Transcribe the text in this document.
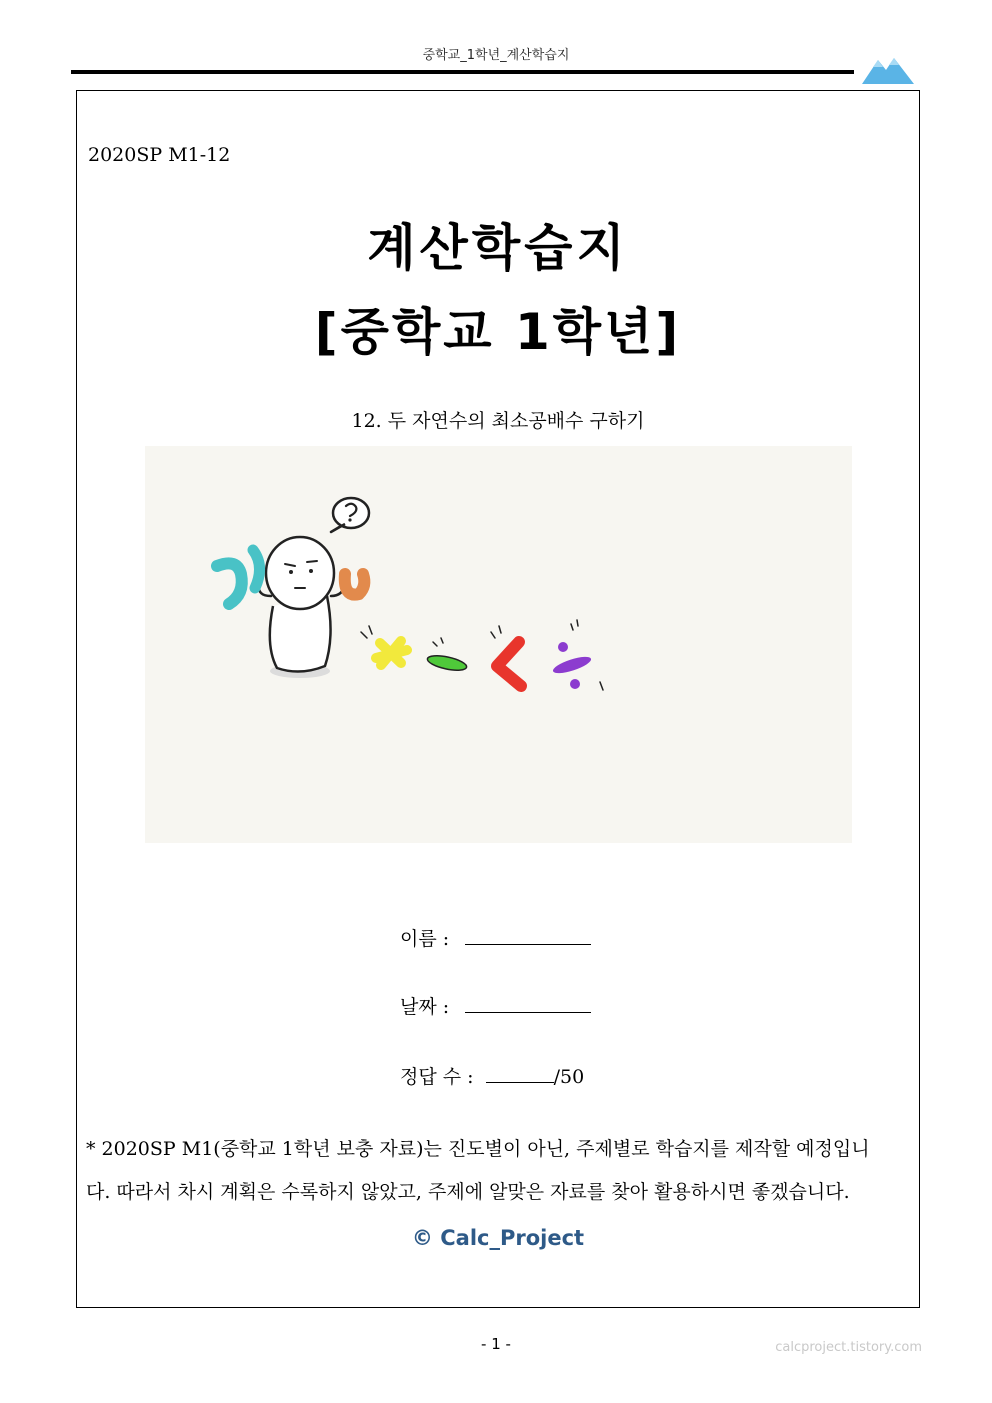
중학교_1학년_계산학습지
2020SP M1-12
계산학습지
[중학교 1학년]
12. 두 자연수의 최소공배수 구하기
이름 :
날짜 :
정답 수 :	/50
* 2020SP M1(중학교 1학년 보충 자료)는 진도별이 아닌, 주제별로 학습지를 제작할 예정입니
다. 따라서 차시 계획은 수록하지 않았고, 주제에 알맞은 자료를 찾아 활용하시면 좋겠습니다.
© Calc_Project
- 1 -	calcproject.tistory.com
